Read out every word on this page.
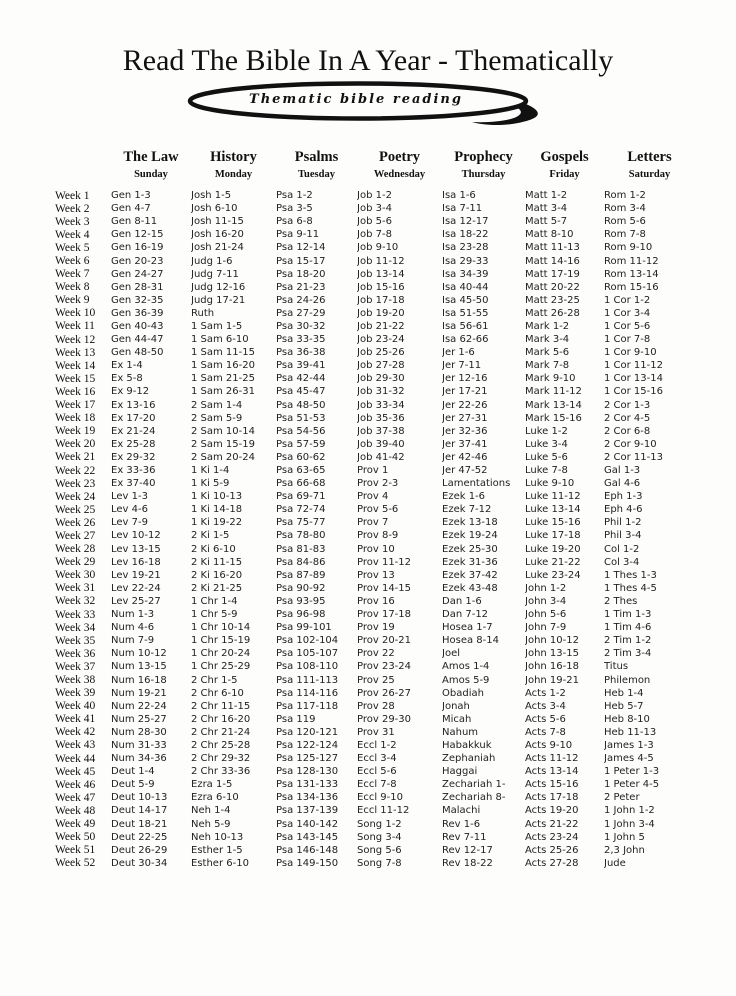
Read The Bible In A Year - Thematically
Thematic bible reading
	The Law	History	Psalms	Poetry	Prophecy	Gospels	Letters
	Sunday	Monday	Tuesday	Wednesday	Thursday	Friday	Saturday
Week 1	Gen 1-3	Josh 1-5	Psa 1-2	Job 1-2	Isa 1-6	Matt 1-2	Rom 1-2
Week 2	Gen 4-7	Josh 6-10	Psa 3-5	Job 3-4	Isa 7-11	Matt 3-4	Rom 3-4
Week 3	Gen 8-11	Josh 11-15	Psa 6-8	Job 5-6	Isa 12-17	Matt 5-7	Rom 5-6
Week 4	Gen 12-15	Josh 16-20	Psa 9-11	Job 7-8	Isa 18-22	Matt 8-10	Rom 7-8
Week 5	Gen 16-19	Josh 21-24	Psa 12-14	Job 9-10	Isa 23-28	Matt 11-13	Rom 9-10
Week 6	Gen 20-23	Judg 1-6	Psa 15-17	Job 11-12	Isa 29-33	Matt 14-16	Rom 11-12
Week 7	Gen 24-27	Judg 7-11	Psa 18-20	Job 13-14	Isa 34-39	Matt 17-19	Rom 13-14
Week 8	Gen 28-31	Judg 12-16	Psa 21-23	Job 15-16	Isa 40-44	Matt 20-22	Rom 15-16
Week 9	Gen 32-35	Judg 17-21	Psa 24-26	Job 17-18	Isa 45-50	Matt 23-25	1 Cor 1-2
Week 10	Gen 36-39	Ruth	Psa 27-29	Job 19-20	Isa 51-55	Matt 26-28	1 Cor 3-4
Week 11	Gen 40-43	1 Sam 1-5	Psa 30-32	Job 21-22	Isa 56-61	Mark 1-2	1 Cor 5-6
Week 12	Gen 44-47	1 Sam 6-10	Psa 33-35	Job 23-24	Isa 62-66	Mark 3-4	1 Cor 7-8
Week 13	Gen 48-50	1 Sam 11-15	Psa 36-38	Job 25-26	Jer 1-6	Mark 5-6	1 Cor 9-10
Week 14	Ex 1-4	1 Sam 16-20	Psa 39-41	Job 27-28	Jer 7-11	Mark 7-8	1 Cor 11-12
Week 15	Ex 5-8	1 Sam 21-25	Psa 42-44	Job 29-30	Jer 12-16	Mark 9-10	1 Cor 13-14
Week 16	Ex 9-12	1 Sam 26-31	Psa 45-47	Job 31-32	Jer 17-21	Mark 11-12	1 Cor 15-16
Week 17	Ex 13-16	2 Sam 1-4	Psa 48-50	Job 33-34	Jer 22-26	Mark 13-14	2 Cor 1-3
Week 18	Ex 17-20	2 Sam 5-9	Psa 51-53	Job 35-36	Jer 27-31	Mark 15-16	2 Cor 4-5
Week 19	Ex 21-24	2 Sam 10-14	Psa 54-56	Job 37-38	Jer 32-36	Luke 1-2	2 Cor 6-8
Week 20	Ex 25-28	2 Sam 15-19	Psa 57-59	Job 39-40	Jer 37-41	Luke 3-4	2 Cor 9-10
Week 21	Ex 29-32	2 Sam 20-24	Psa 60-62	Job 41-42	Jer 42-46	Luke 5-6	2 Cor 11-13
Week 22	Ex 33-36	1 Ki 1-4	Psa 63-65	Prov 1	Jer 47-52	Luke 7-8	Gal 1-3
Week 23	Ex 37-40	1 Ki 5-9	Psa 66-68	Prov 2-3	Lamentations	Luke 9-10	Gal 4-6
Week 24	Lev 1-3	1 Ki 10-13	Psa 69-71	Prov 4	Ezek 1-6	Luke 11-12	Eph 1-3
Week 25	Lev 4-6	1 Ki 14-18	Psa 72-74	Prov 5-6	Ezek 7-12	Luke 13-14	Eph 4-6
Week 26	Lev 7-9	1 Ki 19-22	Psa 75-77	Prov 7	Ezek 13-18	Luke 15-16	Phil 1-2
Week 27	Lev 10-12	2 Ki 1-5	Psa 78-80	Prov 8-9	Ezek 19-24	Luke 17-18	Phil 3-4
Week 28	Lev 13-15	2 Ki 6-10	Psa 81-83	Prov 10	Ezek 25-30	Luke 19-20	Col 1-2
Week 29	Lev 16-18	2 Ki 11-15	Psa 84-86	Prov 11-12	Ezek 31-36	Luke 21-22	Col 3-4
Week 30	Lev 19-21	2 Ki 16-20	Psa 87-89	Prov 13	Ezek 37-42	Luke 23-24	1 Thes 1-3
Week 31	Lev 22-24	2 Ki 21-25	Psa 90-92	Prov 14-15	Ezek 43-48	John 1-2	1 Thes 4-5
Week 32	Lev 25-27	1 Chr 1-4	Psa 93-95	Prov 16	Dan 1-6	John 3-4	2 Thes
Week 33	Num 1-3	1 Chr 5-9	Psa 96-98	Prov 17-18	Dan 7-12	John 5-6	1 Tim 1-3
Week 34	Num 4-6	1 Chr 10-14	Psa 99-101	Prov 19	Hosea 1-7	John 7-9	1 Tim 4-6
Week 35	Num 7-9	1 Chr 15-19	Psa 102-104	Prov 20-21	Hosea 8-14	John 10-12	2 Tim 1-2
Week 36	Num 10-12	1 Chr 20-24	Psa 105-107	Prov 22	Joel	John 13-15	2 Tim 3-4
Week 37	Num 13-15	1 Chr 25-29	Psa 108-110	Prov 23-24	Amos 1-4	John 16-18	Titus
Week 38	Num 16-18	2 Chr 1-5	Psa 111-113	Prov 25	Amos 5-9	John 19-21	Philemon
Week 39	Num 19-21	2 Chr 6-10	Psa 114-116	Prov 26-27	Obadiah	Acts 1-2	Heb 1-4
Week 40	Num 22-24	2 Chr 11-15	Psa 117-118	Prov 28	Jonah	Acts 3-4	Heb 5-7
Week 41	Num 25-27	2 Chr 16-20	Psa 119	Prov 29-30	Micah	Acts 5-6	Heb 8-10
Week 42	Num 28-30	2 Chr 21-24	Psa 120-121	Prov 31	Nahum	Acts 7-8	Heb 11-13
Week 43	Num 31-33	2 Chr 25-28	Psa 122-124	Eccl 1-2	Habakkuk	Acts 9-10	James 1-3
Week 44	Num 34-36	2 Chr 29-32	Psa 125-127	Eccl 3-4	Zephaniah	Acts 11-12	James 4-5
Week 45	Deut 1-4	2 Chr 33-36	Psa 128-130	Eccl 5-6	Haggai	Acts 13-14	1 Peter 1-3
Week 46	Deut 5-9	Ezra 1-5	Psa 131-133	Eccl 7-8	Zechariah 1-	Acts 15-16	1 Peter 4-5
Week 47	Deut 10-13	Ezra 6-10	Psa 134-136	Eccl 9-10	Zechariah 8-	Acts 17-18	2 Peter
Week 48	Deut 14-17	Neh 1-4	Psa 137-139	Eccl 11-12	Malachi	Acts 19-20	1 John 1-2
Week 49	Deut 18-21	Neh 5-9	Psa 140-142	Song 1-2	Rev 1-6	Acts 21-22	1 John 3-4
Week 50	Deut 22-25	Neh 10-13	Psa 143-145	Song 3-4	Rev 7-11	Acts 23-24	1 John 5
Week 51	Deut 26-29	Esther 1-5	Psa 146-148	Song 5-6	Rev 12-17	Acts 25-26	2,3 John
Week 52	Deut 30-34	Esther 6-10	Psa 149-150	Song 7-8	Rev 18-22	Acts 27-28	Jude
